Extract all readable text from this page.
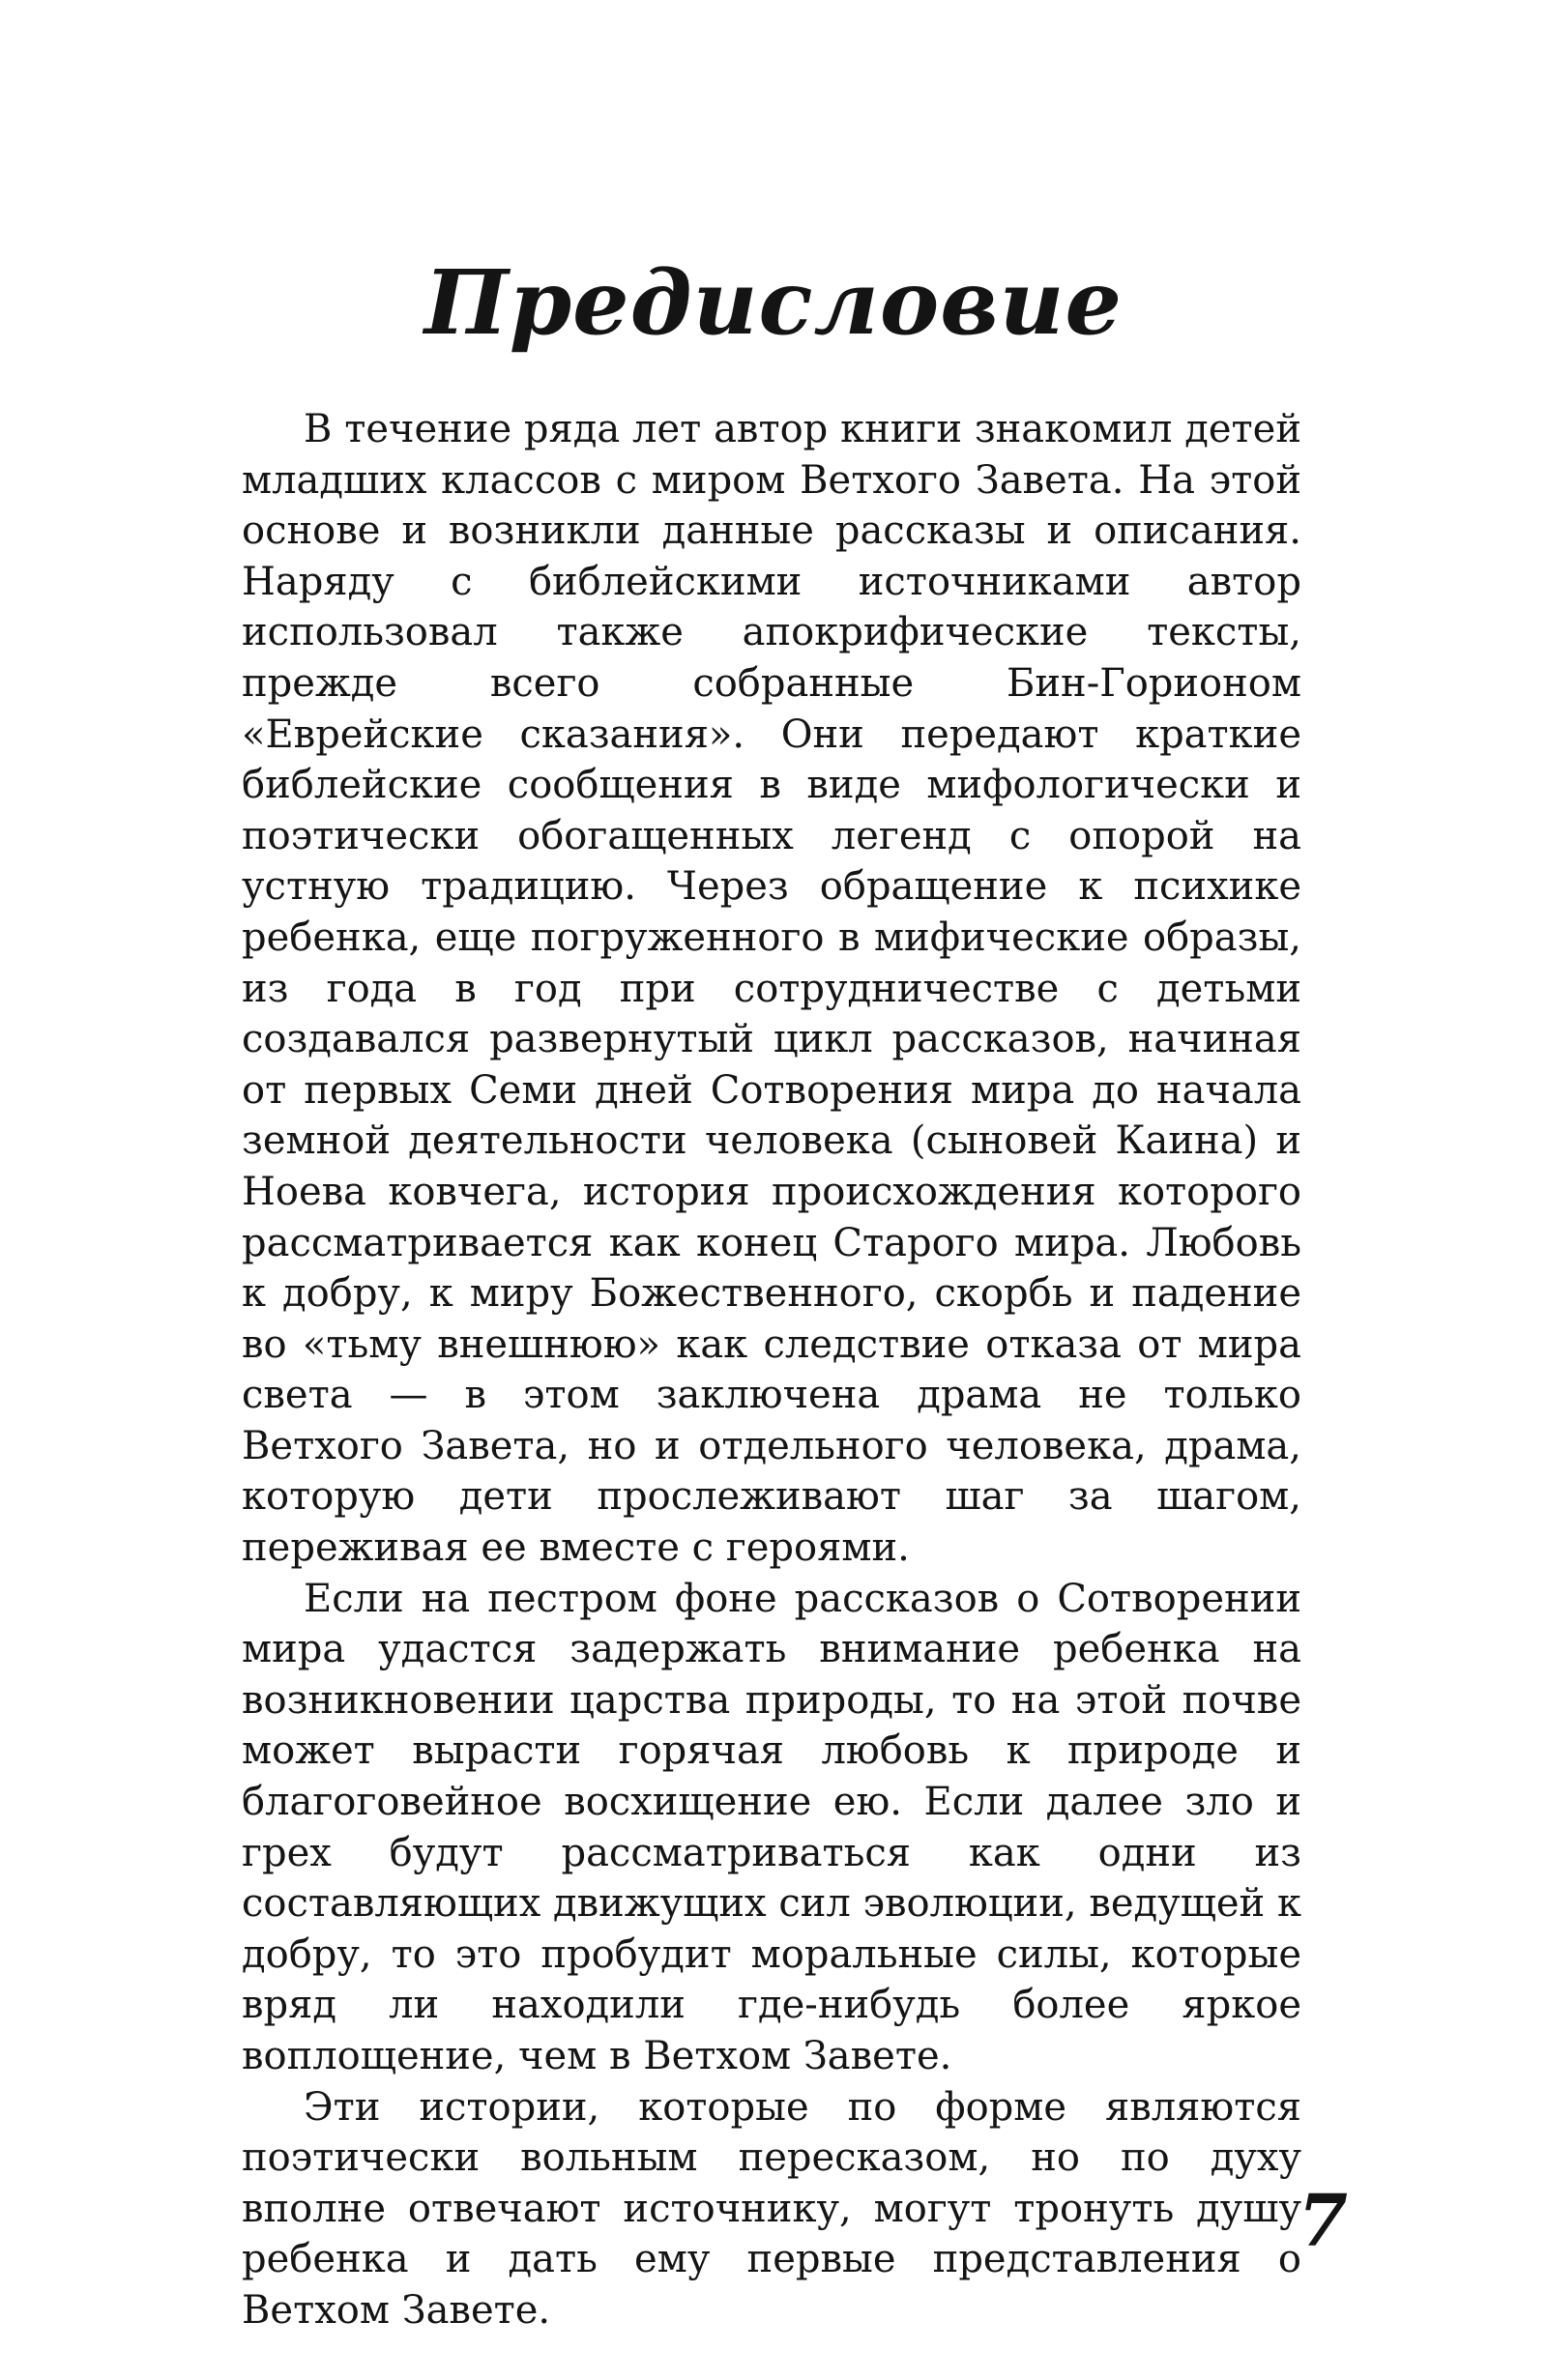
Предисловие

В течение ряда лет автор книги знакомил детей младших классов с миром Ветхого Завета. На этой основе и возникли данные рассказы и описания. Наряду с библейскими источниками автор использовал также апокрифические тексты, прежде всего собранные Бин-Горионом «Еврейские сказания». Они передают краткие библейские сообщения в виде мифологически и поэтически обогащенных легенд с опорой на устную традицию. Через обращение к психике ребенка, еще погруженного в мифические образы, из года в год при сотрудничестве с детьми создавался развернутый цикл рассказов, начиная от первых Семи дней Сотворения мира до начала земной деятельности человека (сыновей Каина) и Ноева ковчега, история происхождения которого рассматривается как конец Старого мира. Любовь к добру, к миру Божественного, скорбь и падение во «тьму внешнюю» как следствие отказа от мира света — в этом заключена драма не только Ветхого Завета, но и отдельного человека, драма, которую дети прослеживают шаг за шагом, переживая ее вместе с героями.

Если на пестром фоне рассказов о Сотворении мира удастся задержать внимание ребенка на возникновении царства природы, то на этой почве может вырасти горячая любовь к природе и благоговейное восхищение ею. Если далее зло и грех будут рассматриваться как одни из составляющих движущих сил эволюции, ведущей к добру, то это пробудит моральные силы, которые вряд ли находили где-нибудь более яркое воплощение, чем в Ветхом Завете.

Эти истории, которые по форме являются поэтически вольным пересказом, но по духу вполне отвечают источнику, могут тронуть душу ребенка и дать ему первые представления о Ветхом Завете.

7
